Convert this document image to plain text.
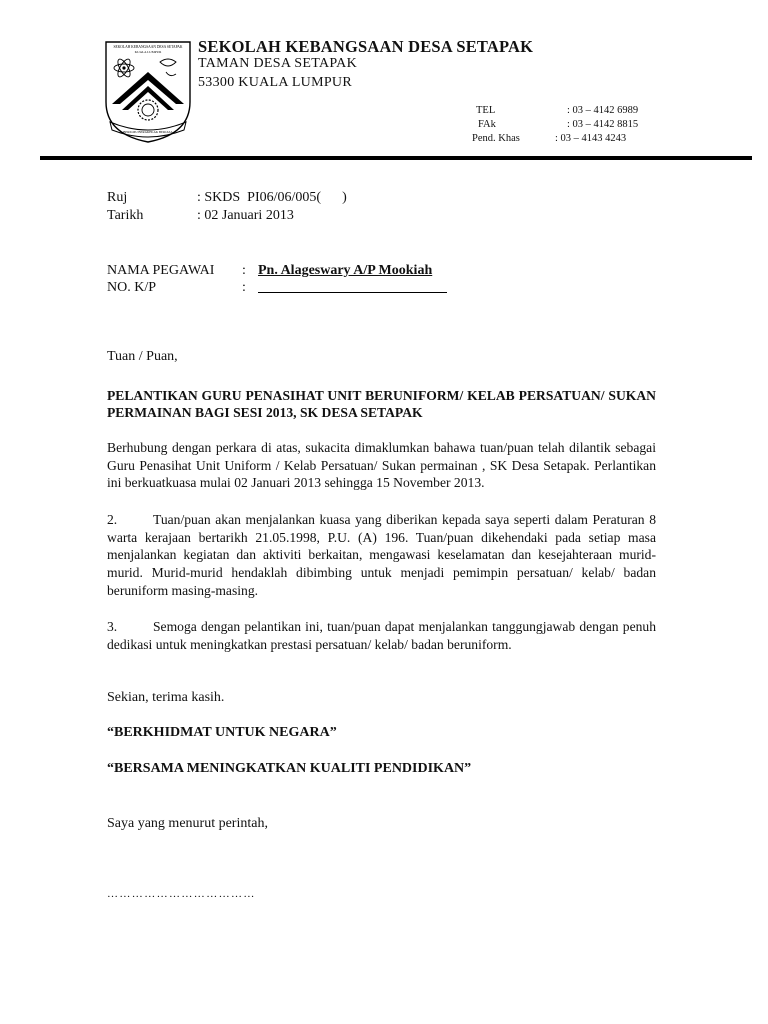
SEKOLAH KEBANGSAAN DESA SETAPAK
KUALA LUMPUR
BERILMU BERAKHLAK BERJASA
SEKOLAH KEBANGSAAN DESA SETAPAK
TAMAN DESA SETAPAK
53300 KUALA LUMPUR
TEL	: 03 – 4142 6989
FAk	: 03 – 4142 8815
Pend. Khas	: 03 – 4143 4243
Ruj	: SKDS  PI06/06/005(      )
Tarikh	: 02 Januari 2013
NAMA PEGAWAI : Pn. Alageswary A/P Mookiah
NO. K/P	:
Tuan / Puan,
PELANTIKAN GURU PENASIHAT UNIT BERUNIFORM/ KELAB PERSATUAN/ SUKAN PERMAINAN BAGI SESI 2013, SK DESA SETAPAK
Berhubung dengan perkara di atas, sukacita dimaklumkan bahawa tuan/puan telah dilantik sebagai Guru Penasihat Unit Uniform / Kelab Persatuan/ Sukan permainan , SK Desa Setapak. Perlantikan ini berkuatkuasa mulai 02 Januari 2013 sehingga 15 November 2013.
2.	Tuan/puan akan menjalankan kuasa yang diberikan kepada saya seperti dalam Peraturan 8 warta kerajaan bertarikh 21.05.1998, P.U. (A) 196. Tuan/puan dikehendaki pada setiap masa menjalankan kegiatan dan aktiviti berkaitan, mengawasi keselamatan dan kesejahteraan murid-murid. Murid-murid hendaklah dibimbing untuk menjadi pemimpin persatuan/ kelab/ badan beruniform masing-masing.
3.	Semoga dengan pelantikan ini, tuan/puan dapat menjalankan tanggungjawab dengan penuh dedikasi untuk meningkatkan prestasi persatuan/ kelab/ badan beruniform.
Sekian, terima kasih.
“BERKHIDMAT UNTUK NEGARA”
“BERSAMA MENINGKATKAN KUALITI PENDIDIKAN”
Saya yang menurut perintah,
………………………………
